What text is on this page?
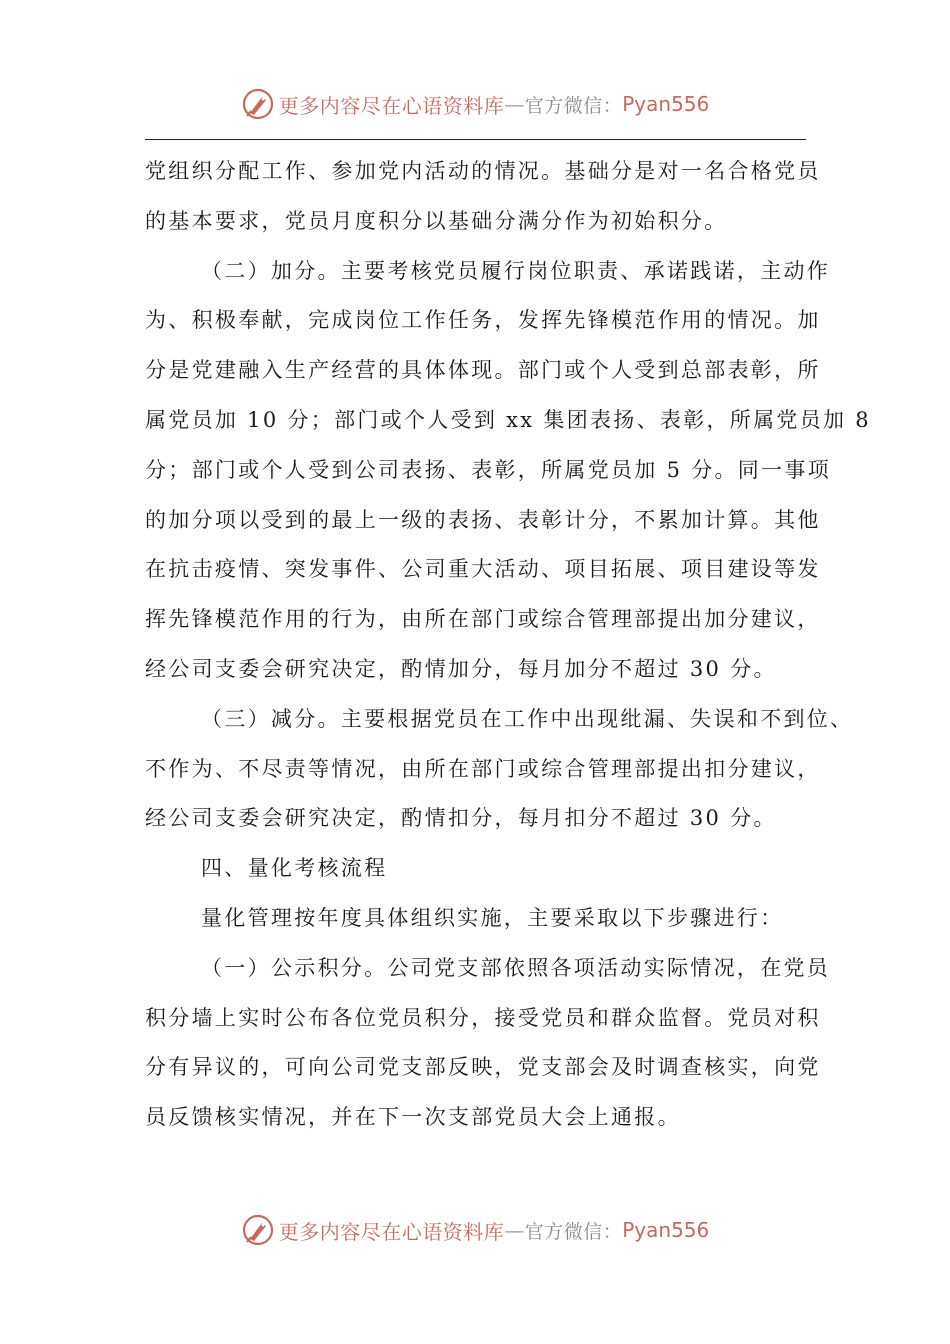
更多内容尽在心语资料库 — 官方微信： Pyan556
党组织分配工作、参加党内活动的情况。基础分是对一名合格党员
的基本要求，党员月度积分以基础分满分作为初始积分。
（二）加分。主要考核党员履行岗位职责、承诺践诺，主动作
为、积极奉献，完成岗位工作任务，发挥先锋模范作用的情况。加
分是党建融入生产经营的具体体现。部门或个人受到总部表彰，所
属党员加 10 分；部门或个人受到 xx 集团表扬、表彰，所属党员加 8
分；部门或个人受到公司表扬、表彰，所属党员加 5 分。同一事项
的加分项以受到的最上一级的表扬、表彰计分，不累加计算。其他
在抗击疫情、突发事件、公司重大活动、项目拓展、项目建设等发
挥先锋模范作用的行为，由所在部门或综合管理部提出加分建议，
经公司支委会研究决定，酌情加分，每月加分不超过 30 分。
（三）减分。主要根据党员在工作中出现纰漏、失误和不到位、
不作为、不尽责等情况，由所在部门或综合管理部提出扣分建议，
经公司支委会研究决定，酌情扣分，每月扣分不超过 30 分。
四、量化考核流程
量化管理按年度具体组织实施，主要采取以下步骤进行：
（一）公示积分。公司党支部依照各项活动实际情况，在党员
积分墙上实时公布各位党员积分，接受党员和群众监督。党员对积
分有异议的，可向公司党支部反映，党支部会及时调查核实，向党
员反馈核实情况，并在下一次支部党员大会上通报。
更多内容尽在心语资料库 — 官方微信： Pyan556
